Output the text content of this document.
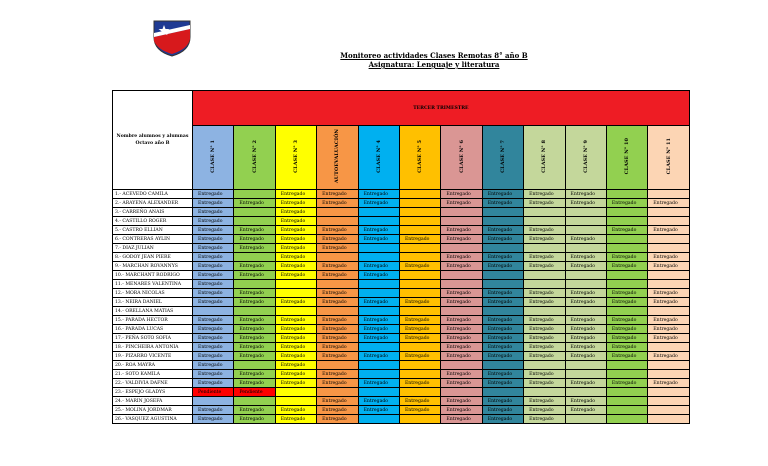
Monitoreo actividades Clases Remotas 8° año B
Asignatura: Lenguaje y literatura
Nombre alumnos y alumnas Octavo año B	TERCER TRIMESTRE											
	CLASE N° 1	CLASE N° 2	CLASE N° 3	AUTOEVALUACIÓN	CLASE N° 4	CLASE N° 5	CLASE N° 6	CLASE N° 7	CLASE N° 8	CLASE N° 9	CLASE N° 10	CLASE N° 11
1.- ACEVEDO CAMILA	Entregado		Entregado	Entregado	Entregado		Entregado	Entregado	Entregado	Entregado		
2.- ARAYENA ALEXANDER	Entregado	Entregado	Entregado	Entregado	Entregado		Entregado	Entregado	Entregado	Entregado	Entregado	Entregado
3.- CARREÑO ANAIS	Entregado		Entregado									
4.- CASTILLO ROGER	Entregado		Entregado									
5.- CASTRO ELLIAN	Entregado	Entregado	Entregado	Entregado	Entregado		Entregado	Entregado	Entregado		Entregado	Entregado
6.- CONTRERAS AYLIN	Entregado	Entregado	Entregado	Entregado	Entregado	Entregado	Entregado	Entregado	Entregado	Entregado		
7.- DIAZ JULIAN	Entregado	Entregado	Entregado	Entregado								
8.- GODOY JEAN PIERE	Entregado		Entregado				Entregado	Entregado	Entregado	Entregado	Entregado	Entregado
9.- MARCHAN ROVANNYS	Entregado	Entregado	Entregado	Entregado	Entregado	Entregado	Entregado	Entregado	Entregado	Entregado	Entregado	Entregado
10.- MARCHANT RODRIGO	Entregado	Entregado	Entregado	Entregado	Entregado							
11.- MENARES VALENTINA	Entregado											
12.- MORA NICOLAS	Entregado	Entregado		Entregado			Entregado	Entregado	Entregado	Entregado	Entregado	Entregado
13.- NEIRA DANIEL	Entregado	Entregado	Entregado	Entregado	Entregado	Entregado	Entregado	Entregado	Entregado	Entregado	Entregado	Entregado
14.- ORELLANA MATIAS												
15.- PARADA HECTOR	Entregado	Entregado	Entregado	Entregado	Entregado	Entregado	Entregado	Entregado	Entregado	Entregado	Entregado	Entregado
16.- PARADA LUCAS	Entregado	Entregado	Entregado	Entregado	Entregado	Entregado	Entregado	Entregado	Entregado	Entregado	Entregado	Entregado
17.- PEÑA SOTO SOFIA	Entregado	Entregado	Entregado	Entregado	Entregado	Entregado	Entregado	Entregado	Entregado	Entregado	Entregado	Entregado
18.- PINCHEIRA ANTONIA	Entregado	Entregado	Entregado	Entregado			Entregado	Entregado	Entregado	Entregado	Entregado	
19.- PIZARRO VICENTE	Entregado	Entregado	Entregado	Entregado	Entregado	Entregado	Entregado	Entregado	Entregado	Entregado	Entregado	Entregado
20.- ROA MAYRA	Entregado		Entregado									
21.- SOTO KAMILA	Entregado	Entregado	Entregado	Entregado			Entregado	Entregado	Entregado			
22.- VALDIVIA DAFNE	Entregado	Entregado	Entregado	Entregado	Entregado	Entregado	Entregado	Entregado	Entregado	Entregado	Entregado	Entregado
23.- ESPEJO GLADYS	Pendiente	Pendiente										
24.- MARIN JOSEFA				Entregado	Entregado	Entregado	Entregado	Entregado	Entregado	Entregado		
25.- MOLINA JORDMAR	Entregado	Entregado	Entregado	Entregado	Entregado	Entregado	Entregado	Entregado	Entregado	Entregado		
26.- VASQUEZ AGUSTINA	Entregado	Entregado	Entregado	Entregado			Entregado	Entregado	Entregado			
